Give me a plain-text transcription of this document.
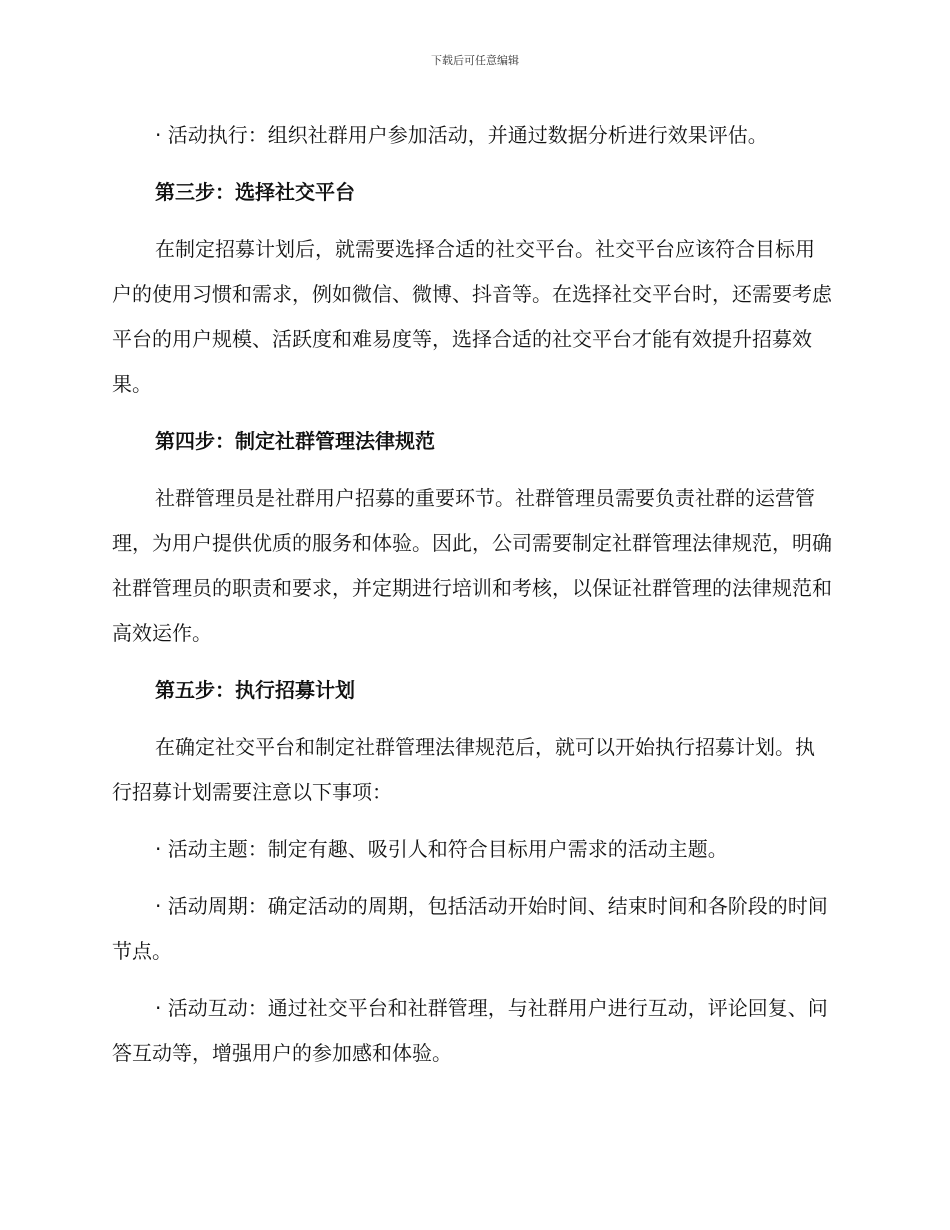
下载后可任意编辑

· 活动执行：组织社群用户参加活动，并通过数据分析进行效果评估。

第三步：选择社交平台

在制定招募计划后，就需要选择合适的社交平台。社交平台应该符合目标用户的使用习惯和需求，例如微信、微博、抖音等。在选择社交平台时，还需要考虑平台的用户规模、活跃度和难易度等，选择合适的社交平台才能有效提升招募效果。

第四步：制定社群管理法律规范

社群管理员是社群用户招募的重要环节。社群管理员需要负责社群的运营管理，为用户提供优质的服务和体验。因此，公司需要制定社群管理法律规范，明确社群管理员的职责和要求，并定期进行培训和考核，以保证社群管理的法律规范和高效运作。

第五步：执行招募计划

在确定社交平台和制定社群管理法律规范后，就可以开始执行招募计划。执行招募计划需要注意以下事项：

· 活动主题：制定有趣、吸引人和符合目标用户需求的活动主题。

· 活动周期：确定活动的周期，包括活动开始时间、结束时间和各阶段的时间节点。

· 活动互动：通过社交平台和社群管理，与社群用户进行互动，评论回复、问答互动等，增强用户的参加感和体验。
